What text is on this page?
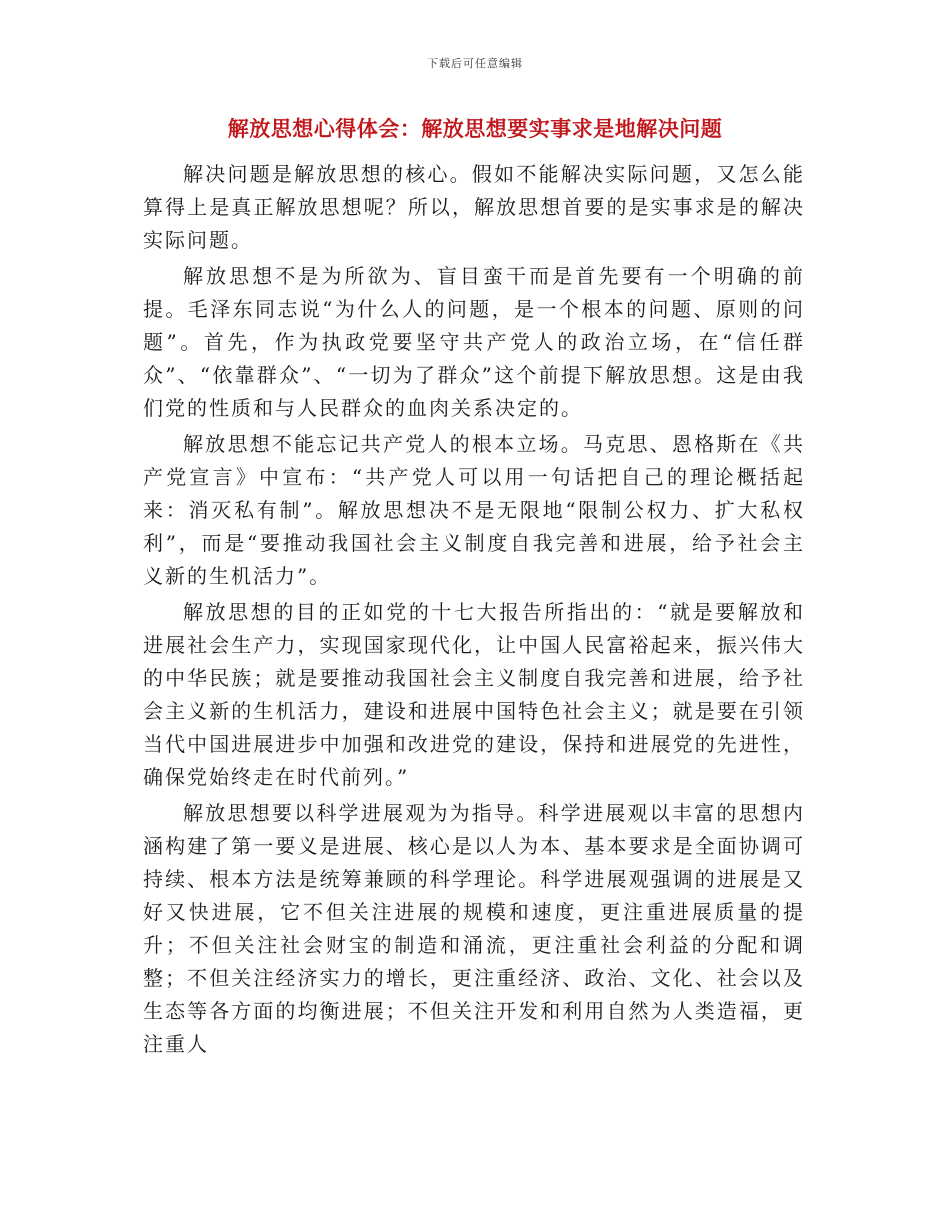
下载后可任意编辑
解放思想心得体会：解放思想要实事求是地解决问题

解决问题是解放思想的核心。假如不能解决实际问题，又怎么能算得上是真正解放思想呢？所以，解放思想首要的是实事求是的解决实际问题。

解放思想不是为所欲为、盲目蛮干而是首先要有一个明确的前提。毛泽东同志说“为什么人的问题，是一个根本的问题、原则的问题”。首先，作为执政党要坚守共产党人的政治立场，在“信任群众”、“依靠群众”、“一切为了群众”这个前提下解放思想。这是由我们党的性质和与人民群众的血肉关系决定的。

解放思想不能忘记共产党人的根本立场。马克思、恩格斯在《共产党宣言》中宣布：“共产党人可以用一句话把自己的理论概括起来：消灭私有制”。解放思想决不是无限地“限制公权力、扩大私权利”，而是“要推动我国社会主义制度自我完善和进展，给予社会主义新的生机活力”。

解放思想的目的正如党的十七大报告所指出的：“就是要解放和进展社会生产力，实现国家现代化，让中国人民富裕起来，振兴伟大的中华民族；就是要推动我国社会主义制度自我完善和进展，给予社会主义新的生机活力，建设和进展中国特色社会主义；就是要在引领当代中国进展进步中加强和改进党的建设，保持和进展党的先进性，确保党始终走在时代前列。”

解放思想要以科学进展观为为指导。科学进展观以丰富的思想内涵构建了第一要义是进展、核心是以人为本、基本要求是全面协调可持续、根本方法是统筹兼顾的科学理论。科学进展观强调的进展是又好又快进展，它不但关注进展的规模和速度，更注重进展质量的提升；不但关注社会财宝的制造和涌流，更注重社会利益的分配和调整；不但关注经济实力的增长，更注重经济、政治、文化、社会以及生态等各方面的均衡进展；不但关注开发和利用自然为人类造福，更注重人
